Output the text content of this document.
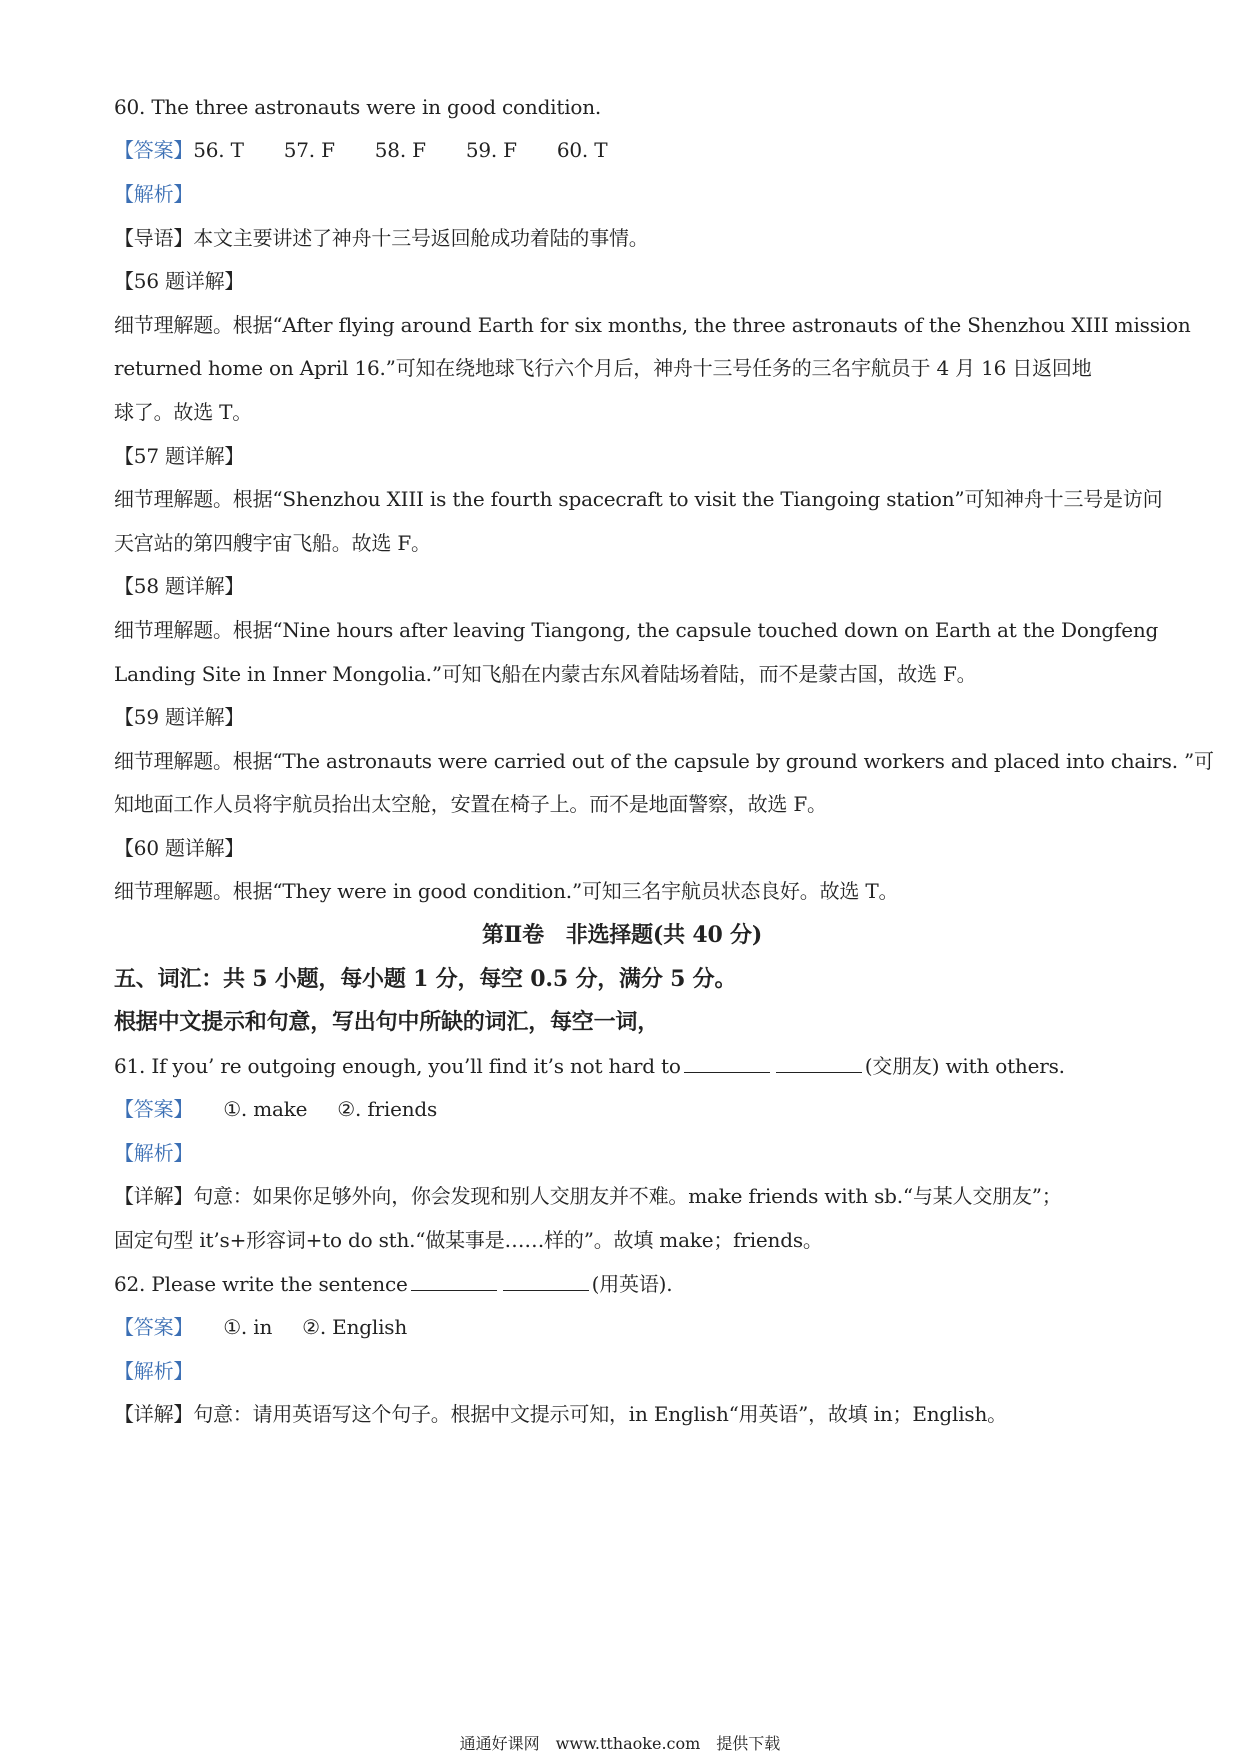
60. The three astronauts were in good condition.
【答案】56. T 57. F 58. F 59. F 60. T
【解析】
【导语】本文主要讲述了神舟十三号返回舱成功着陆的事情。
【56 题详解】
细节理解题。根据“After flying around Earth for six months, the three astronauts of the Shenzhou XIII mission
returned home on April 16.”可知在绕地球飞行六个月后，神舟十三号任务的三名宇航员于 4 月 16 日返回地
球了。故选 T。
【57 题详解】
细节理解题。根据“Shenzhou XIII is the fourth spacecraft to visit the Tiangoing station”可知神舟十三号是访问
天宫站的第四艘宇宙飞船。故选 F。
【58 题详解】
细节理解题。根据“Nine hours after leaving Tiangong, the capsule touched down on Earth at the Dongfeng
Landing Site in Inner Mongolia.”可知飞船在内蒙古东风着陆场着陆，而不是蒙古国，故选 F。
【59 题详解】
细节理解题。根据“The astronauts were carried out of the capsule by ground workers and placed into chairs. ”可
知地面工作人员将宇航员抬出太空舱，安置在椅子上。而不是地面警察，故选 F。
【60 题详解】
细节理解题。根据“They were in good condition.”可知三名宇航员状态良好。故选 T。
第Ⅱ卷　非选择题(共 40 分)
五、词汇：共 5 小题，每小题 1 分，每空 0.5 分，满分 5 分。
根据中文提示和句意，写出句中所缺的词汇，每空一词，
61. If you’ re outgoing enough, you’ll find it’s not hard to	(交朋友) with others.
【答案】 ①. make ②. friends
【解析】
【详解】句意：如果你足够外向，你会发现和别人交朋友并不难。make friends with sb.“与某人交朋友”；
固定句型 it’s+形容词+to do sth.“做某事是……样的”。故填 make；friends。
62. Please write the sentence	(用英语).
【答案】 ①. in ②. English
【解析】
【详解】句意：请用英语写这个句子。根据中文提示可知，in English“用英语”，故填 in；English。
通通好课网　www.tthaoke.com　提供下载
